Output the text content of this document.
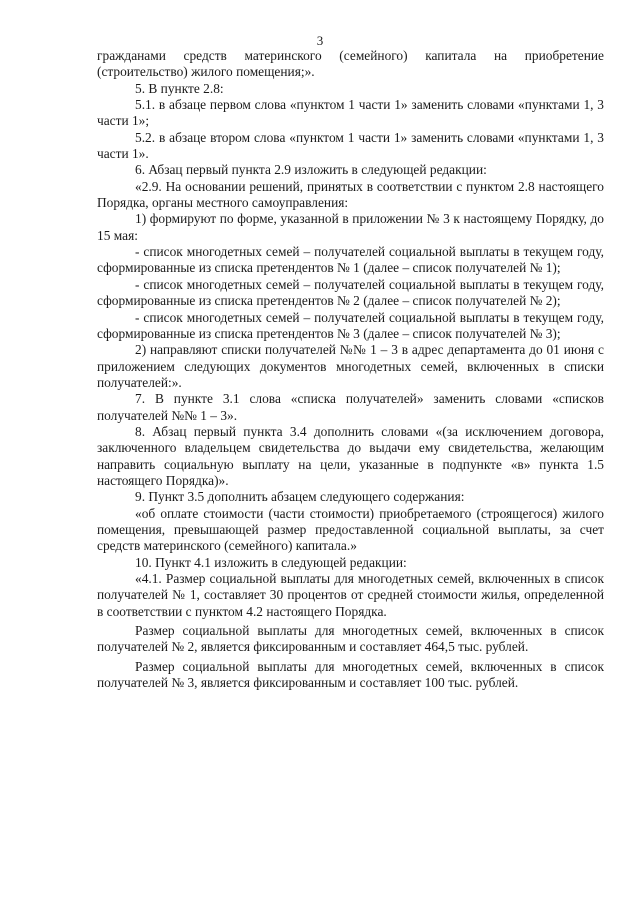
3

гражданами средств материнского (семейного) капитала на приобретение (строительство) жилого помещения;».

5. В пункте 2.8:

5.1. в абзаце первом слова «пунктом 1 части 1» заменить словами «пунктами 1, 3 части 1»;

5.2. в абзаце втором слова «пунктом 1 части 1» заменить словами «пунктами 1, 3 части 1».

6. Абзац первый пункта 2.9 изложить в следующей редакции:

«2.9. На основании решений, принятых в соответствии с пунктом 2.8 настоящего Порядка, органы местного самоуправления:

1) формируют по форме, указанной в приложении № 3 к настоящему Порядку, до 15 мая:

- список многодетных семей – получателей социальной выплаты в текущем году, сформированные из списка претендентов № 1 (далее – список получателей № 1);

- список многодетных семей – получателей социальной выплаты в текущем году, сформированные из списка претендентов № 2 (далее – список получателей № 2);

- список многодетных семей – получателей социальной выплаты в текущем году, сформированные из списка претендентов № 3 (далее – список получателей № 3);

2) направляют списки получателей №№ 1 – 3 в адрес департамента до 01 июня с приложением следующих документов многодетных семей, включенных в списки получателей:».

7. В пункте 3.1 слова «списка получателей» заменить словами «списков получателей №№ 1 – 3».

8. Абзац первый пункта 3.4 дополнить словами «(за исключением договора, заключенного владельцем свидетельства до выдачи ему свидетельства, желающим направить социальную выплату на цели, указанные в подпункте «в» пункта 1.5 настоящего Порядка)».

9. Пункт 3.5 дополнить абзацем следующего содержания:

«об оплате стоимости (части стоимости) приобретаемого (строящегося) жилого помещения, превышающей размер предоставленной социальной выплаты, за счет средств материнского (семейного) капитала.»

10. Пункт 4.1 изложить в следующей редакции:

«4.1. Размер социальной выплаты для многодетных семей, включенных в список получателей № 1, составляет 30 процентов от средней стоимости жилья, определенной в соответствии с пунктом 4.2 настоящего Порядка.

Размер социальной выплаты для многодетных семей, включенных в список получателей № 2, является фиксированным и составляет 464,5 тыс. рублей.

Размер социальной выплаты для многодетных семей, включенных в список получателей № 3, является фиксированным и составляет 100 тыс. рублей.
